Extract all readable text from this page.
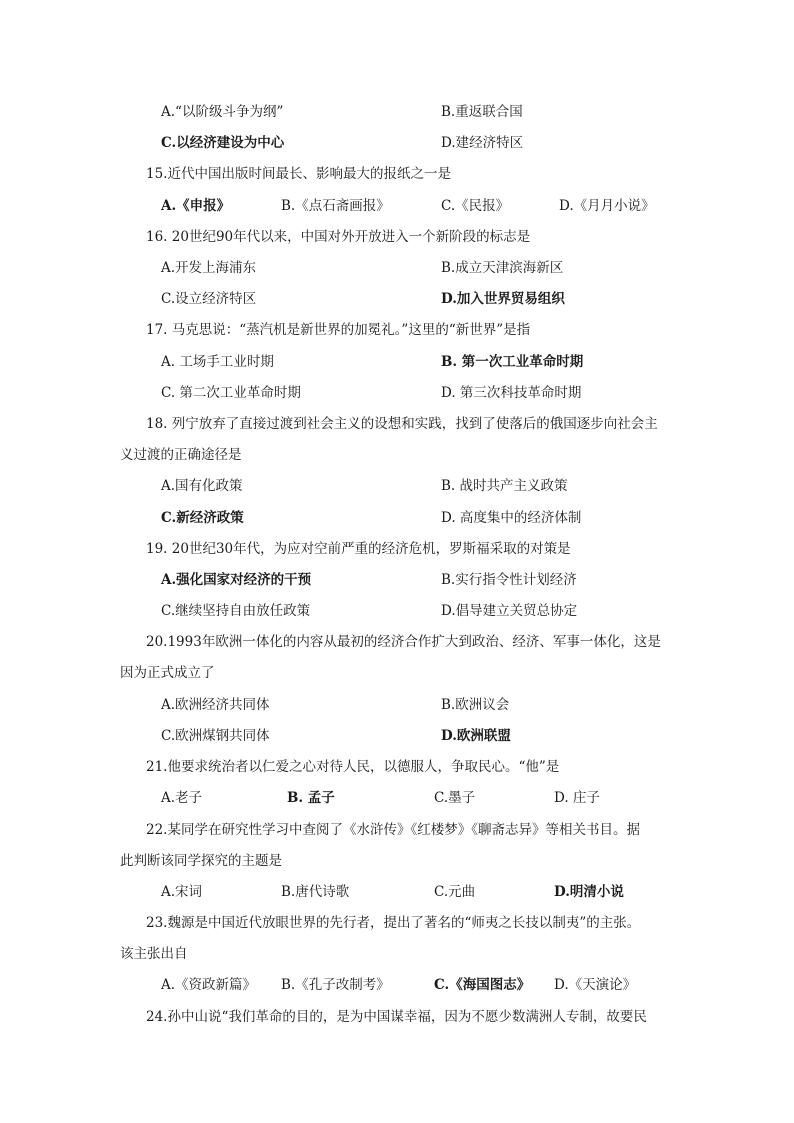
A.“以阶级斗争为纲”	B.重返联合国
C.以经济建设为中心	D.建经济特区
15.近代中国出版时间最长、影响最大的报纸之一是
A.《申报》	B.《点石斋画报》	C.《民报》	D.《月月小说》
16. 20世纪90年代以来，中国对外开放进入一个新阶段的标志是
A.开发上海浦东	B.成立天津滨海新区
C.设立经济特区	D.加入世界贸易组织
17. 马克思说：“蒸汽机是新世界的加冕礼。”这里的“新世界”是指
A. 工场手工业时期	B. 第一次工业革命时期
C. 第二次工业革命时期	D. 第三次科技革命时期
18. 列宁放弃了直接过渡到社会主义的设想和实践，找到了使落后的俄国逐步向社会主
义过渡的正确途径是
A.国有化政策	B. 战时共产主义政策
C.新经济政策	D. 高度集中的经济体制
19. 20世纪30年代，为应对空前严重的经济危机，罗斯福采取的对策是
A.强化国家对经济的干预	B.实行指令性计划经济
C.继续坚持自由放任政策	D.倡导建立关贸总协定
20.1993年欧洲一体化的内容从最初的经济合作扩大到政治、经济、军事一体化，这是
因为正式成立了
A.欧洲经济共同体	B.欧洲议会
C.欧洲煤钢共同体	D.欧洲联盟
21.他要求统治者以仁爱之心对待人民，以德服人，争取民心。“他”是
A.老子	B. 孟子	C.墨子	D. 庄子
22.某同学在研究性学习中查阅了《水浒传》《红楼梦》《聊斋志异》等相关书目。据
此判断该同学探究的主题是
A.宋词	B.唐代诗歌	C.元曲	D.明清小说
23.魏源是中国近代放眼世界的先行者，提出了著名的“师夷之长技以制夷”的主张。
该主张出自
A.《资政新篇》 B.《孔子改制考》	C.《海国图志》 D.《天演论》
24.孙中山说“我们革命的目的，是为中国谋幸福，因为不愿少数满洲人专制，故要民
